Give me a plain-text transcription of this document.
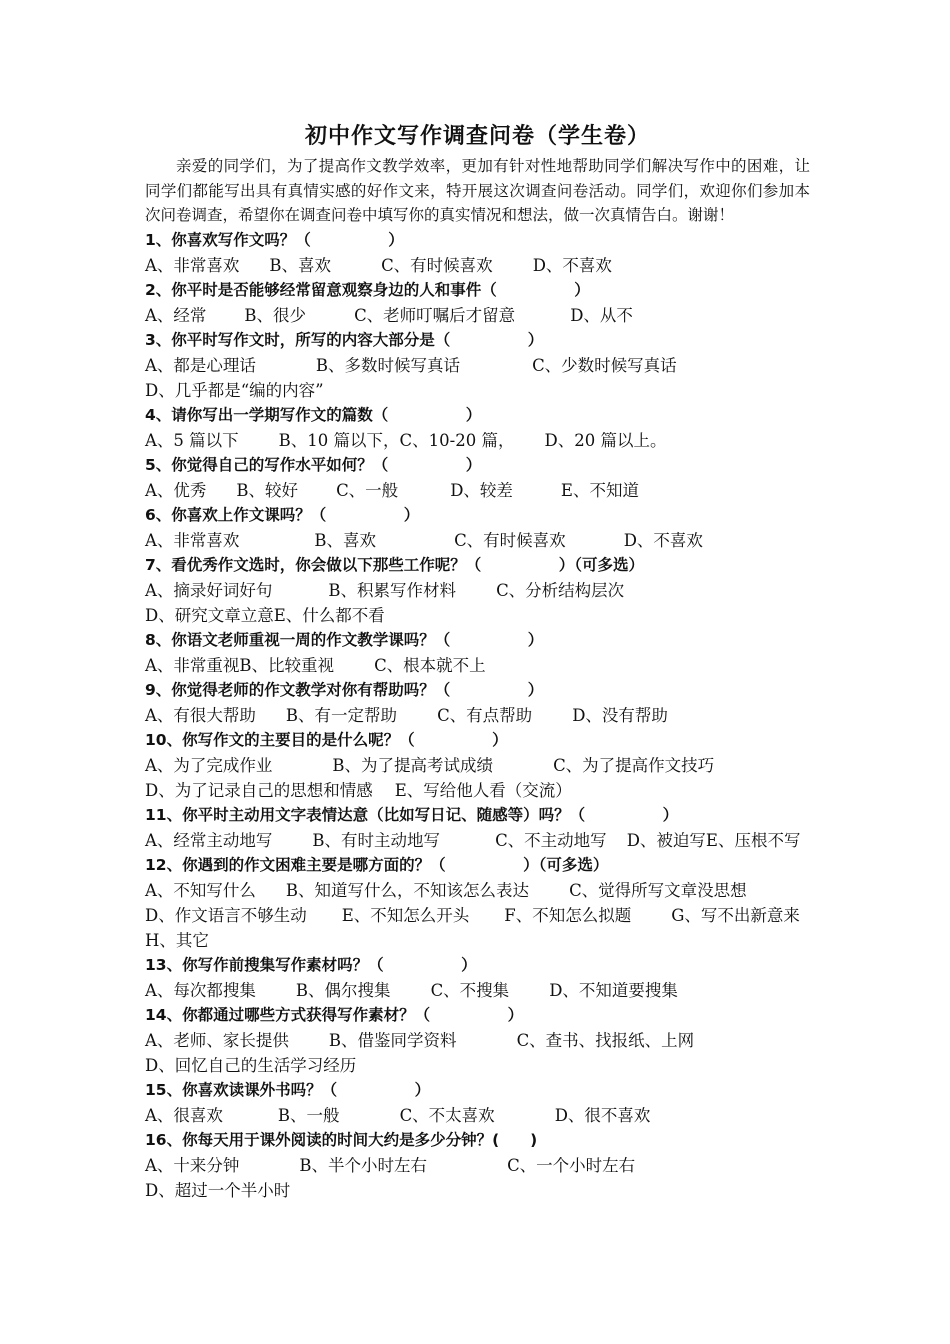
初中作文写作调查问卷（学生卷）

亲爱的同学们，为了提高作文教学效率，更加有针对性地帮助同学们解决写作中的困难，让同学们都能写出具有真情实感的好作文来，特开展这次调查问卷活动。同学们，欢迎你们参加本次问卷调查，希望你在调查问卷中填写你的真实情况和想法，做一次真情告白。谢谢！

1、你喜欢写作文吗？（　　　　　）
A、非常喜欢 B、喜欢	C、有时候喜欢 D、不喜欢
2、你平时是否能够经常留意观察身边的人和事件（　　　　　）
A、经常 B、很少	C、老师叮嘱后才留意	D、从不
3、你平时写作文时，所写的内容大部分是（　　　　　）
A、都是心理话	B、多数时候写真话	C、少数时候写真话
D、几乎都是“编的内容”
4、请你写出一学期写作文的篇数（　　　　　）
A、5 篇以下 B、10 篇以下，C、10-20 篇， D、20 篇以上。
5、你觉得自己的写作水平如何？（　　　　　）
A、优秀 B、较好 C、一般	D、较差	E、不知道
6、你喜欢上作文课吗？（　　　　　）
A、非常喜欢	B、喜欢	C、有时候喜欢	D、不喜欢
7、看优秀作文选时，你会做以下那些工作呢？（　　　　　）（可多选）
A、摘录好词好句	B、积累写作材料 C、分析结构层次
D、研究文章立意 E、什么都不看
8、你语文老师重视一周的作文教学课吗？（　　　　　）
A、非常重视 B、比较重视 C、根本就不上
9、你觉得老师的作文教学对你有帮助吗？（　　　　　）
A、有很大帮助 B、有一定帮助 C、有点帮助 D、没有帮助
10、你写作文的主要目的是什么呢？（　　　　　）
A、为了完成作业	B、为了提高考试成绩	C、为了提高作文技巧
D、为了记录自己的思想和情感 E、写给他人看（交流）
11、你平时主动用文字表情达意（比如写日记、随感等）吗？（　　　　　）
A、经常主动地写 B、有时主动地写	C、不主动地写 D、被迫写 E、压根不写
12、你遇到的作文困难主要是哪方面的？（　　　　　）（可多选）
A、不知写什么 B、知道写什么，不知该怎么表达 C、觉得所写文章没思想
D、作文语言不够生动 E、不知怎么开头 F、不知怎么拟题 G、写不出新意来
H、其它
13、你写作前搜集写作素材吗？（　　　　　）
A、每次都搜集 B、偶尔搜集 C、不搜集 D、不知道要搜集
14、你都通过哪些方式获得写作素材？（　　　　　）
A、老师、家长提供 B、借鉴同学资料	C、查书、找报纸、上网
D、回忆自己的生活学习经历
15、你喜欢读课外书吗？（　　　　　）
A、很喜欢	B、一般	C、不太喜欢	D、很不喜欢
16、你每天用于课外阅读的时间大约是多少分钟？(　　)
A、十来分钟	B、半个小时左右	C、一个小时左右
D、超过一个半小时
